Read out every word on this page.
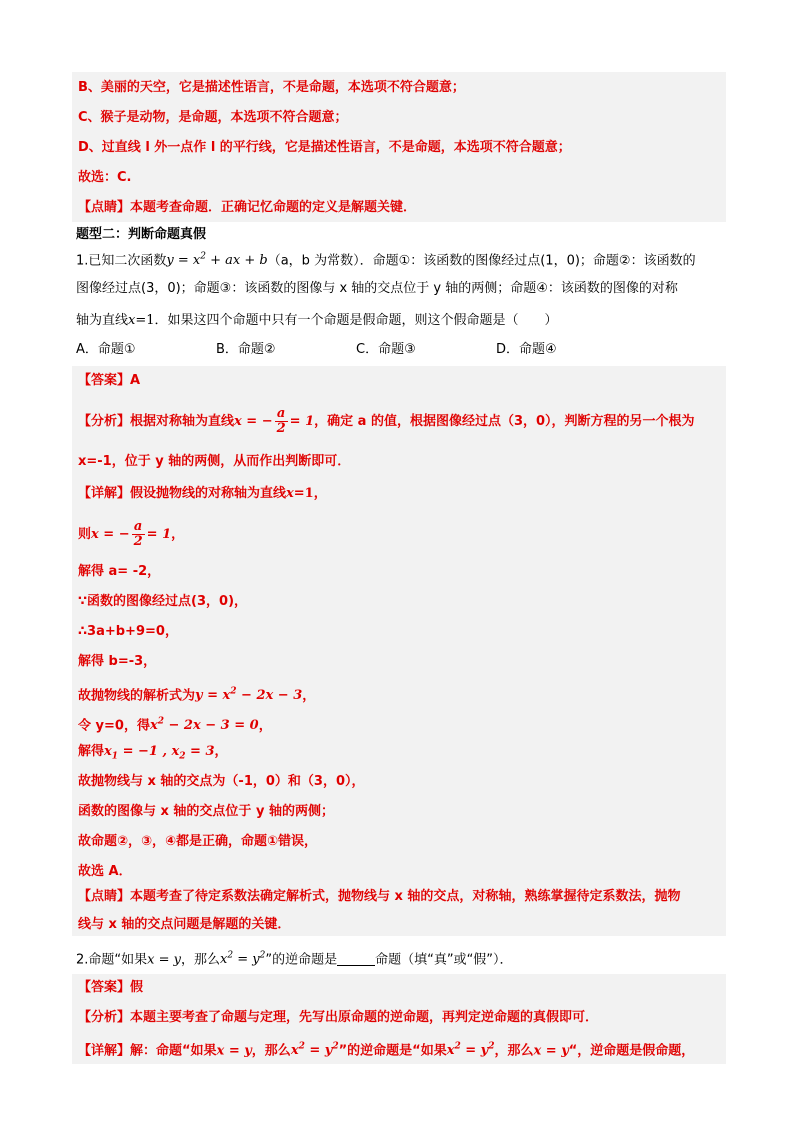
B、美丽的天空，它是描述性语言，不是命题，本选项不符合题意；
C、猴子是动物，是命题，本选项不符合题意；
D、过直线 l 外一点作 l 的平行线，它是描述性语言，不是命题，本选项不符合题意；
故选：C.
【点睛】本题考查命题．正确记忆命题的定义是解题关键．
题型二：判断命题真假
1.已知二次函数$y = x^2$ + ax + b（a，b 为常数）．命题①：该函数的图像经过点(1，0)；命题②：该函数的
图像经过点(3，0)；命题③：该函数的图像与 x 轴的交点位于 y 轴的两侧；命题④：该函数的图像的对称
轴为直线x=1．如果这四个命题中只有一个命题是假命题，则这个假命题是（　　）
A．命题①	B．命题②	C．命题③	D．命题④
【答案】A
【分析】根据对称轴为直线x = − $\frac{a}{2} = 1$，确定 a 的值，根据图像经过点（3，0），判断方程的另一个根为
x=-1，位于 y 轴的两侧，从而作出判断即可．
【详解】假设抛物线的对称轴为直线x=1，
则x = − $\frac{a}{2} = 1$，
解得 a= -2，
∵函数的图像经过点(3，0)，
∴3a+b+9=0，
解得 b=-3，
故抛物线的解析式为$y = x^2 - 2x - 3$，
令 y=0，得$x^2 - 2x - 3 = 0$，
解得$x_1 = -1$ , $x_2 = 3$，
故抛物线与 x 轴的交点为（-1，0）和（3，0），
函数的图像与 x 轴的交点位于 y 轴的两侧；
故命题②，③，④都是正确，命题①错误，
故选 A．
【点睛】本题考查了待定系数法确定解析式，抛物线与 x 轴的交点，对称轴，熟练掌握待定系数法，抛物
线与 x 轴的交点问题是解题的关键．
2.命题“如果x = y，那么$x^2 = y^2$”的逆命题是	命题（填“真”或“假”）．
【答案】假
【分析】本题主要考查了命题与定理，先写出原命题的逆命题，再判定逆命题的真假即可．
【详解】解：命题“如果x = y，那么$x^2 = y^2$”的逆命题是“如果$x^2 = y^2$，那么x = y“，逆命题是假命题，
